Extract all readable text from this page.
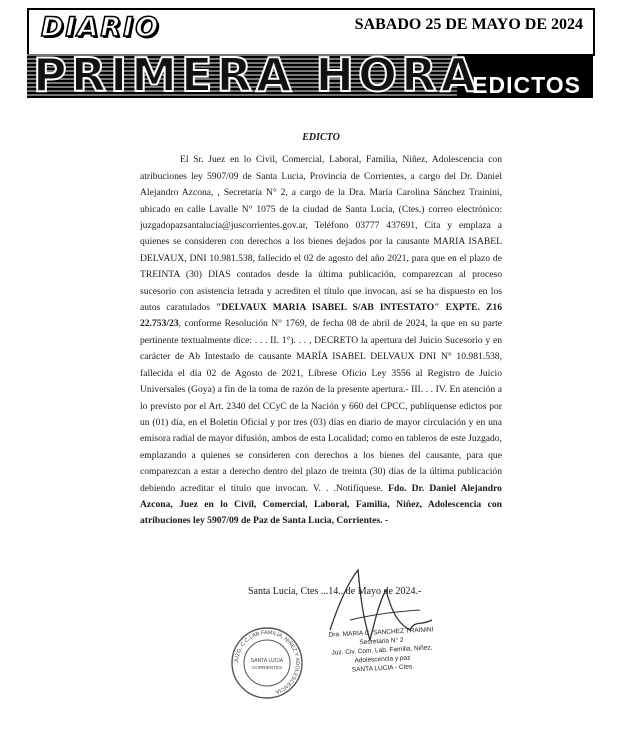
DIARIO	SABADO 25 DE MAYO DE 2024
PRIMERA HORA
EDICTOS
EDICTO

El Sr. Juez en lo Civil, Comercial, Laboral, Familia, Niñez, Adolescencia con atribuciones ley 5907/09 de Santa Lucia, Provincia de Corrientes, a cargo del Dr. Daniel Alejandro Azcona, , Secretaría N° 2, a cargo de la Dra. María Carolina Sánchez Trainini, ubicado en calle Lavalle N° 1075 de la ciudad de Santa Lucia, (Ctes.) correo electrónico: juzgadopazsantalucia@juscorrientes.gov.ar, Teléfono 03777 437691, Cita y emplaza a quienes se consideren con derechos a los bienes dejados por la causante MARIA ISABEL DELVAUX, DNI 10.981.538, fallecido el 02 de agosto del año 2021, para que en el plazo de TREINTA (30) DIAS contados desde la última publicación, comparezcan al proceso sucesorio con asistencia letrada y acrediten el título que invocan, así se ha dispuesto en los autos caratulados "DELVAUX MARIA ISABEL S/AB INTESTATO" EXPTE. Z16 22.753/23, conforme Resolución N° 1769, de fecha 08 de abril de 2024, la que en su parte pertinente textualmente dice: . . . II. 1°). . . , DECRETO la apertura del Juicio Sucesorio y en carácter de Ab Intestado de causante MARÍA ISABEL DELVAUX DNI N° 10.981.538, fallecida el día 02 de Agosto de 2021, Líbrese Oficio Ley 3556 al Registro de Juicio Universales (Goya) a fin de la toma de razón de la presente apertura.- III. . . IV. En atención a lo previsto por el Art. 2340 del CCyC de la Nación y 660 del CPCC, publíquense edictos por un (01) día, en el Boletín Oficial y por tres (03) días en diario de mayor circulación y en una emisora radial de mayor difusión, ambos de esta Localidad; como en tableros de este Juzgado, emplazando a quienes se consideren con derechos a los bienes del causante, para que comparezcan a estar a derecho dentro del plazo de treinta (30) días de la última publicación debiendo acreditar el título que invocan. V. . .Notifíquese. Fdo. Dr. Daniel Alejandro Azcona, Juez en lo Civil, Comercial, Laboral, Familia, Niñez, Adolescencia con atribuciones ley 5907/09 de Paz de Santa Lucia, Corrientes. -

Santa Lucia, Ctes ...14.. de Mayo de 2024.-
JUZG. C.C.LAB.FAMILIA, NIÑEZ Y ADOLESCENCIA
SANTA LUCIA
CORRIENTES
Dra. MARIA C. SANCHEZ TRAININI
Secretaria N° 2
Juz. Civ. Com. Lab. Familia, Niñez,
Adolescencia y paz
SANTA LUCIA - Ctes.
